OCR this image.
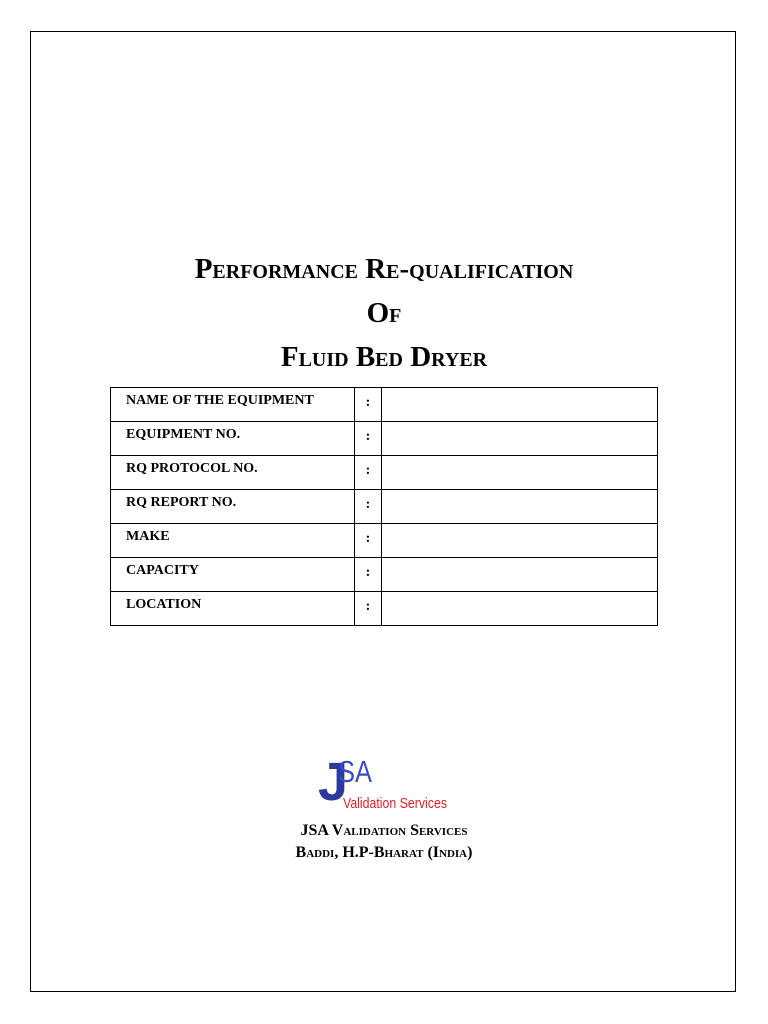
Performance Re-qualification
Of
Fluid Bed Dryer
NAME OF THE EQUIPMENT	:	
EQUIPMENT NO.	:	
RQ PROTOCOL NO.	:	
RQ REPORT NO.	:	
MAKE	:	
CAPACITY	:	
LOCATION	:	
J
SA
Validation Services
JSA Validation Services
Baddi, H.P-Bharat (India)
